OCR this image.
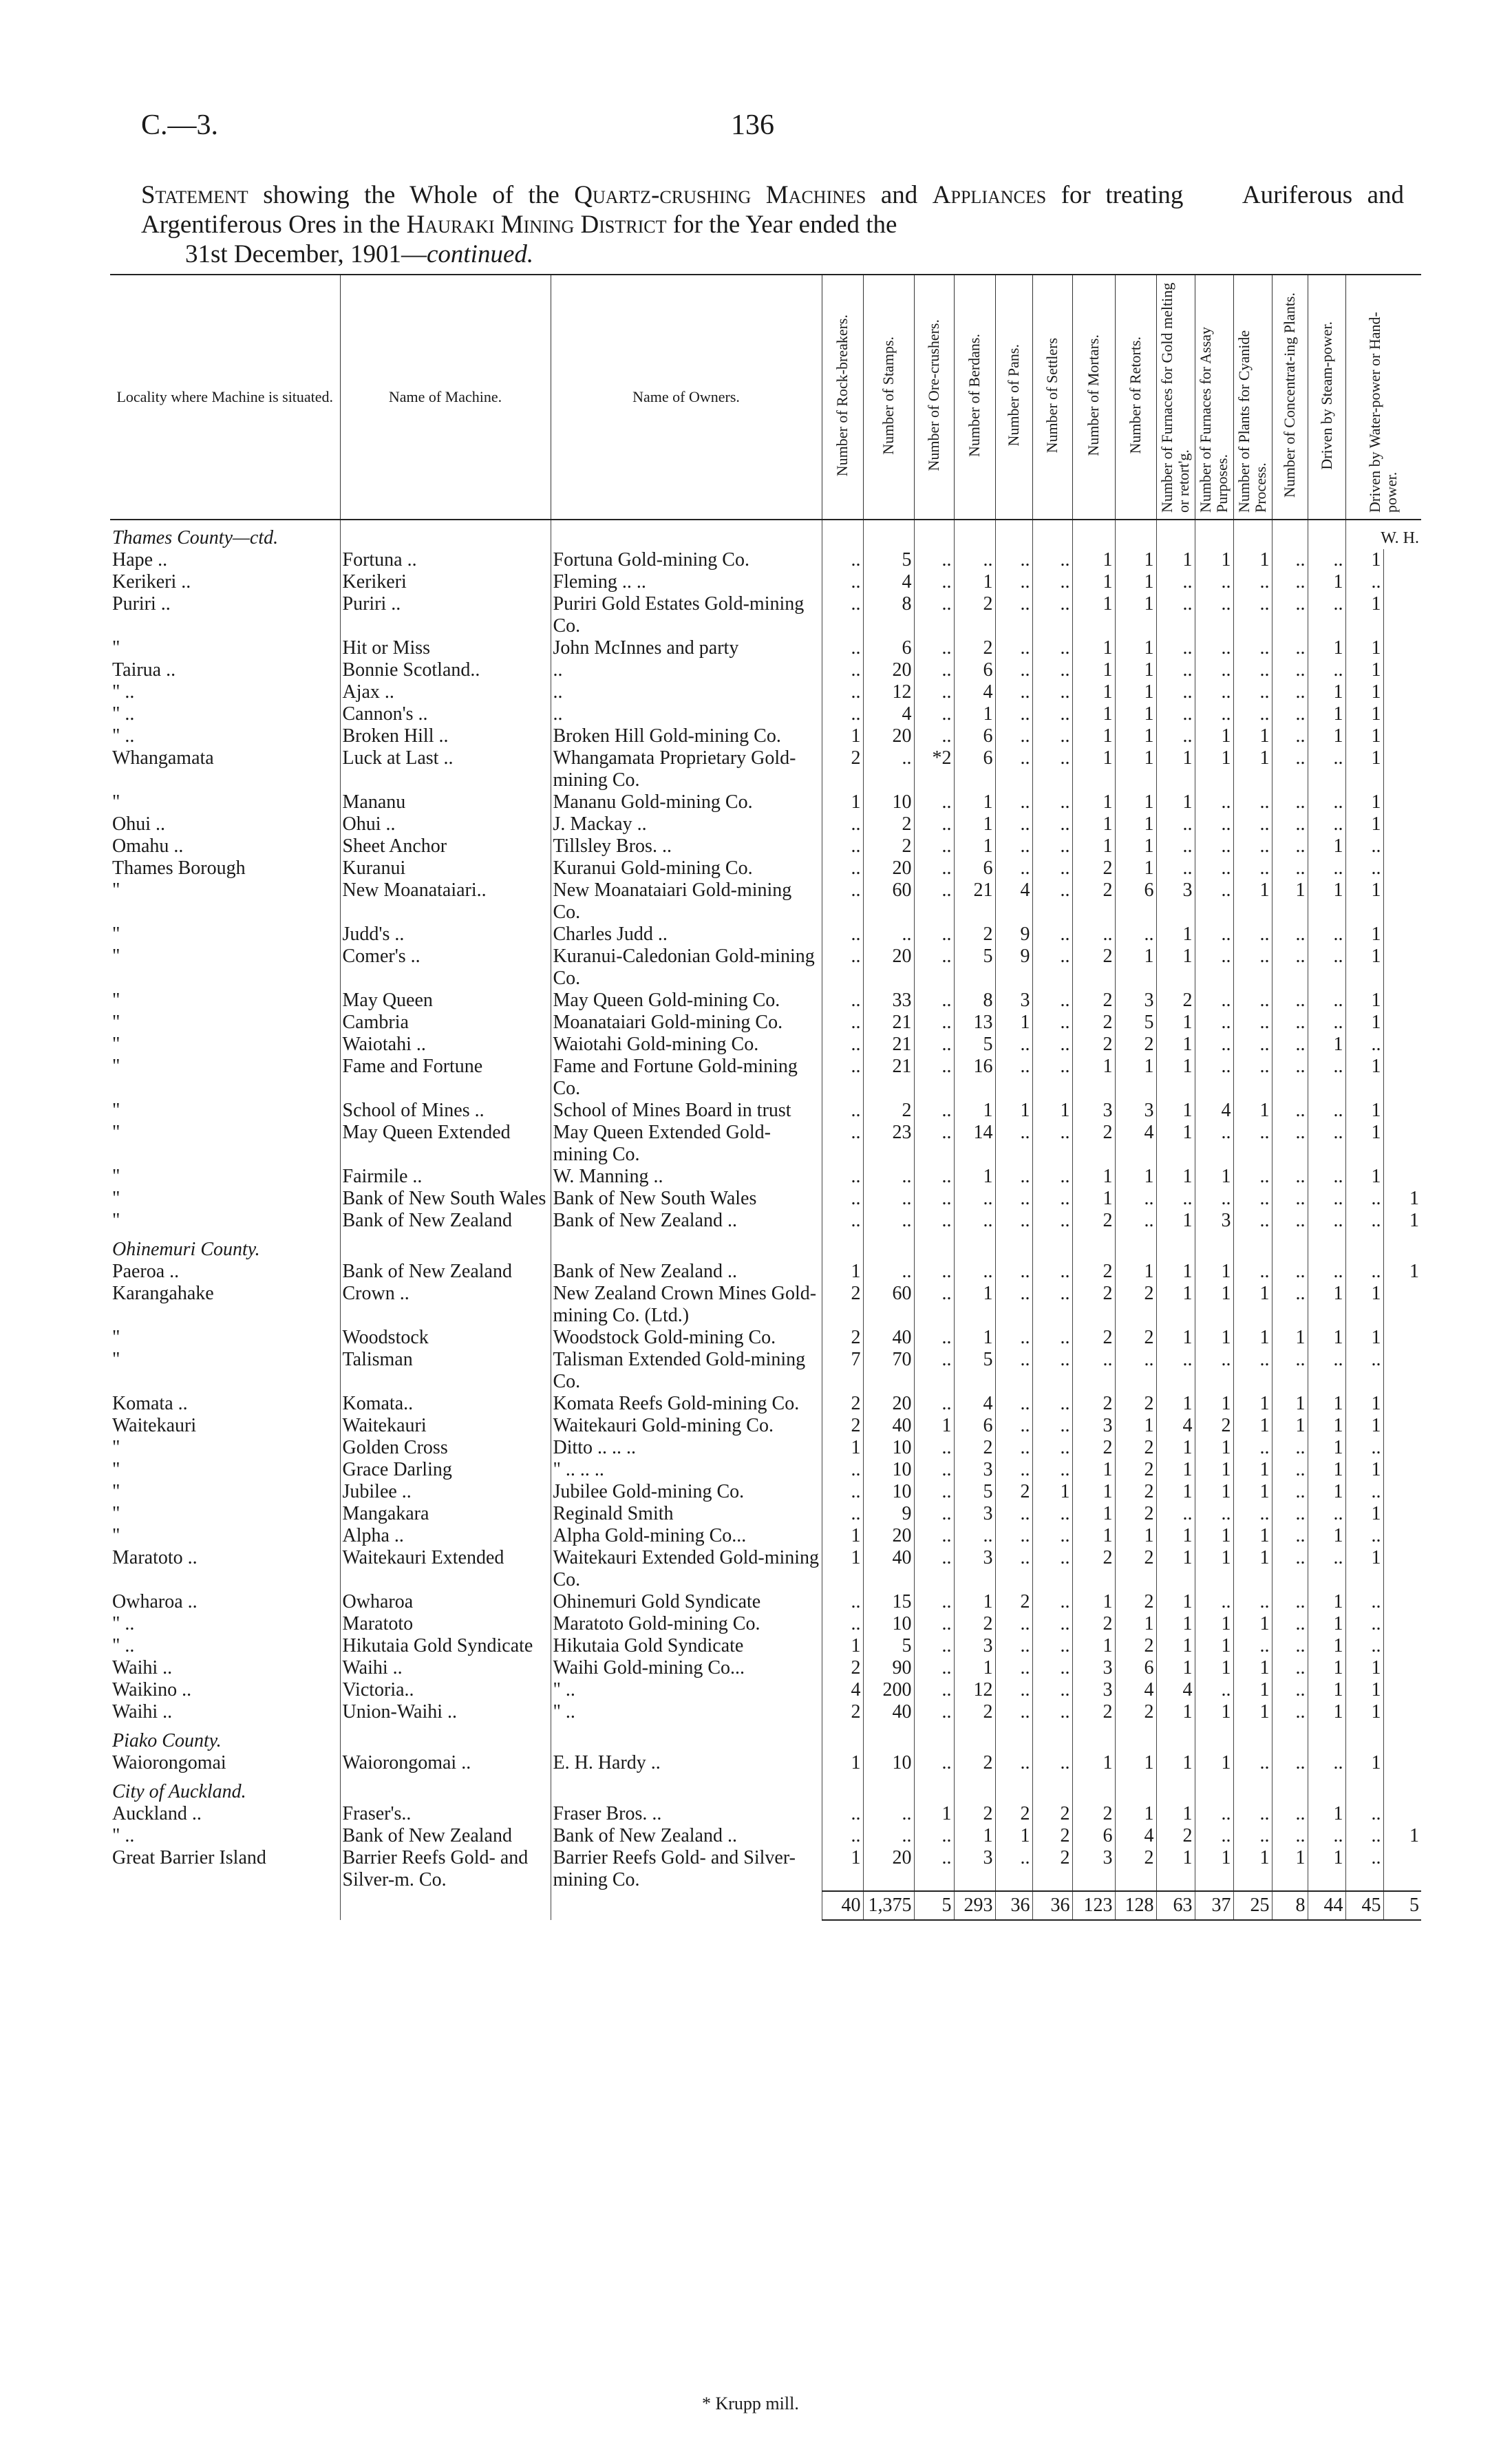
C.—3.	136
Statement showing the Whole of the Quartz-crushing Machines and Appliances for treating Auriferous and Argentiferous Ores in the Hauraki Mining District for the Year ended the
31st December, 1901—continued.
Locality where Machine is situated.	Name of Machine.	Name of Owners.	Number of Rock-breakers.	Number of Stamps.	Number of Ore-crushers.	Number of Berdans.	Number of Pans.	Number of Settlers	Number of Mortars.	Number of Retorts.	Number of Furnaces for Gold melting or retort'g.	Number of Furnaces for Assay Purposes.	Number of Plants for Cyanide Process.	Number of Concentrat-ing Plants.	Driven by Steam-power.	Driven by Water-power or Hand-power.	
Thames County—ctd.																W. H.	
Hape ..	Fortuna ..	Fortuna Gold-mining Co.	..	5	..	..	..	..	1	1	1	1	1	..	..	1	
Kerikeri ..	Kerikeri	Fleming .. ..	..	4	..	1	..	..	1	1	..	..	..	..	1	..	
Puriri ..	Puriri ..	Puriri Gold Estates Gold-mining Co.	..	8	..	2	..	..	1	1	..	..	..	..	..	1	
"	Hit or Miss	John McInnes and party	..	6	..	2	..	..	1	1	..	..	..	..	1	1	
Tairua ..	Bonnie Scotland..	..	..	20	..	6	..	..	1	1	..	..	..	..	..	1	
" ..	Ajax ..	..	..	12	..	4	..	..	1	1	..	..	..	..	1	1	
" ..	Cannon's ..	..	..	4	..	1	..	..	1	1	..	..	..	..	1	1	
" ..	Broken Hill ..	Broken Hill Gold-mining Co.	1	20	..	6	..	..	1	1	..	1	1	..	1	1	
Whangamata	Luck at Last ..	Whangamata Proprietary Gold-mining Co.	2	..	*2	6	..	..	1	1	1	1	1	..	..	1	
"	Mananu	Mananu Gold-mining Co.	1	10	..	1	..	..	1	1	1	..	..	..	..	1	
Ohui ..	Ohui ..	J. Mackay ..	..	2	..	1	..	..	1	1	..	..	..	..	..	1	
Omahu ..	Sheet Anchor	Tillsley Bros. ..	..	2	..	1	..	..	1	1	..	..	..	..	1	..	
Thames Borough	Kuranui	Kuranui Gold-mining Co.	..	20	..	6	..	..	2	1	..	..	..	..	..	..	
"	New Moanataiari..	New Moanataiari Gold-mining Co.	..	60	..	21	4	..	2	6	3	..	1	1	1	1	
"	Judd's ..	Charles Judd ..	..	..	..	2	9	..	..	..	1	..	..	..	..	1	
"	Comer's ..	Kuranui-Caledonian Gold-mining Co.	..	20	..	5	9	..	2	1	1	..	..	..	..	1	
"	May Queen	May Queen Gold-mining Co.	..	33	..	8	3	..	2	3	2	..	..	..	..	1	
"	Cambria	Moanataiari Gold-mining Co.	..	21	..	13	1	..	2	5	1	..	..	..	..	1	
"	Waiotahi ..	Waiotahi Gold-mining Co.	..	21	..	5	..	..	2	2	1	..	..	..	1	..	
"	Fame and Fortune	Fame and Fortune Gold-mining Co.	..	21	..	16	..	..	1	1	1	..	..	..	..	1	
"	School of Mines ..	School of Mines Board in trust	..	2	..	1	1	1	3	3	1	4	1	..	..	1	
"	May Queen Extended	May Queen Extended Gold-mining Co.	..	23	..	14	..	..	2	4	1	..	..	..	..	1	
"	Fairmile ..	W. Manning ..	..	..	..	1	..	..	1	1	1	1	..	..	..	1	
"	Bank of New South Wales	Bank of New South Wales	..	..	..	..	..	..	1	..	..	..	..	..	..	..	1
"	Bank of New Zealand	Bank of New Zealand ..	..	..	..	..	..	..	2	..	1	3	..	..	..	..	1
Ohinemuri County.																	
Paeroa ..	Bank of New Zealand	Bank of New Zealand ..	1	..	..	..	..	..	2	1	1	1	..	..	..	..	1
Karangahake	Crown ..	New Zealand Crown Mines Gold-mining Co. (Ltd.)	2	60	..	1	..	..	2	2	1	1	1	..	1	1	
"	Woodstock	Woodstock Gold-mining Co.	2	40	..	1	..	..	2	2	1	1	1	1	1	1	
"	Talisman	Talisman Extended Gold-mining Co.	7	70	..	5	..	..	..	..	..	..	..	..	..	..	
Komata ..	Komata..	Komata Reefs Gold-mining Co.	2	20	..	4	..	..	2	2	1	1	1	1	1	1	
Waitekauri	Waitekauri	Waitekauri Gold-mining Co.	2	40	1	6	..	..	3	1	4	2	1	1	1	1	
"	Golden Cross	Ditto .. .. ..	1	10	..	2	..	..	2	2	1	1	..	..	1	..	
"	Grace Darling	" .. .. ..	..	10	..	3	..	..	1	2	1	1	1	..	1	1	
"	Jubilee ..	Jubilee Gold-mining Co.	..	10	..	5	2	1	1	2	1	1	1	..	1	..	
"	Mangakara	Reginald Smith	..	9	..	3	..	..	1	2	..	..	..	..	..	1	
"	Alpha ..	Alpha Gold-mining Co...	1	20	..	..	..	..	1	1	1	1	1	..	1	..	
Maratoto ..	Waitekauri Extended	Waitekauri Extended Gold-mining Co.	1	40	..	3	..	..	2	2	1	1	1	..	..	1	
Owharoa ..	Owharoa	Ohinemuri Gold Syndicate	..	15	..	1	2	..	1	2	1	..	..	..	1	..	
" ..	Maratoto	Maratoto Gold-mining Co.	..	10	..	2	..	..	2	1	1	1	1	..	1	..	
" ..	Hikutaia Gold Syndicate	Hikutaia Gold Syndicate	1	5	..	3	..	..	1	2	1	1	..	..	1	..	
Waihi ..	Waihi ..	Waihi Gold-mining Co...	2	90	..	1	..	..	3	6	1	1	1	..	1	1	
Waikino ..	Victoria..	" ..	4	200	..	12	..	..	3	4	4	..	1	..	1	1	
Waihi ..	Union-Waihi ..	" ..	2	40	..	2	..	..	2	2	1	1	1	..	1	1	
Piako County.																	
Waiorongomai	Waiorongomai ..	E. H. Hardy ..	1	10	..	2	..	..	1	1	1	1	..	..	..	1	
City of Auckland.																	
Auckland ..	Fraser's..	Fraser Bros. ..	..	..	1	2	2	2	2	1	1	..	..	..	1	..	
" ..	Bank of New Zealand	Bank of New Zealand ..	..	..	..	1	1	2	6	4	2	..	..	..	..	..	1
Great Barrier Island	Barrier Reefs Gold- and Silver-m. Co.	Barrier Reefs Gold- and Silver-mining Co.	1	20	..	3	..	2	3	2	1	1	1	1	1	..	
			40	1,375	5	293	36	36	123	128	63	37	25	8	44	45	5
* Krupp mill.
